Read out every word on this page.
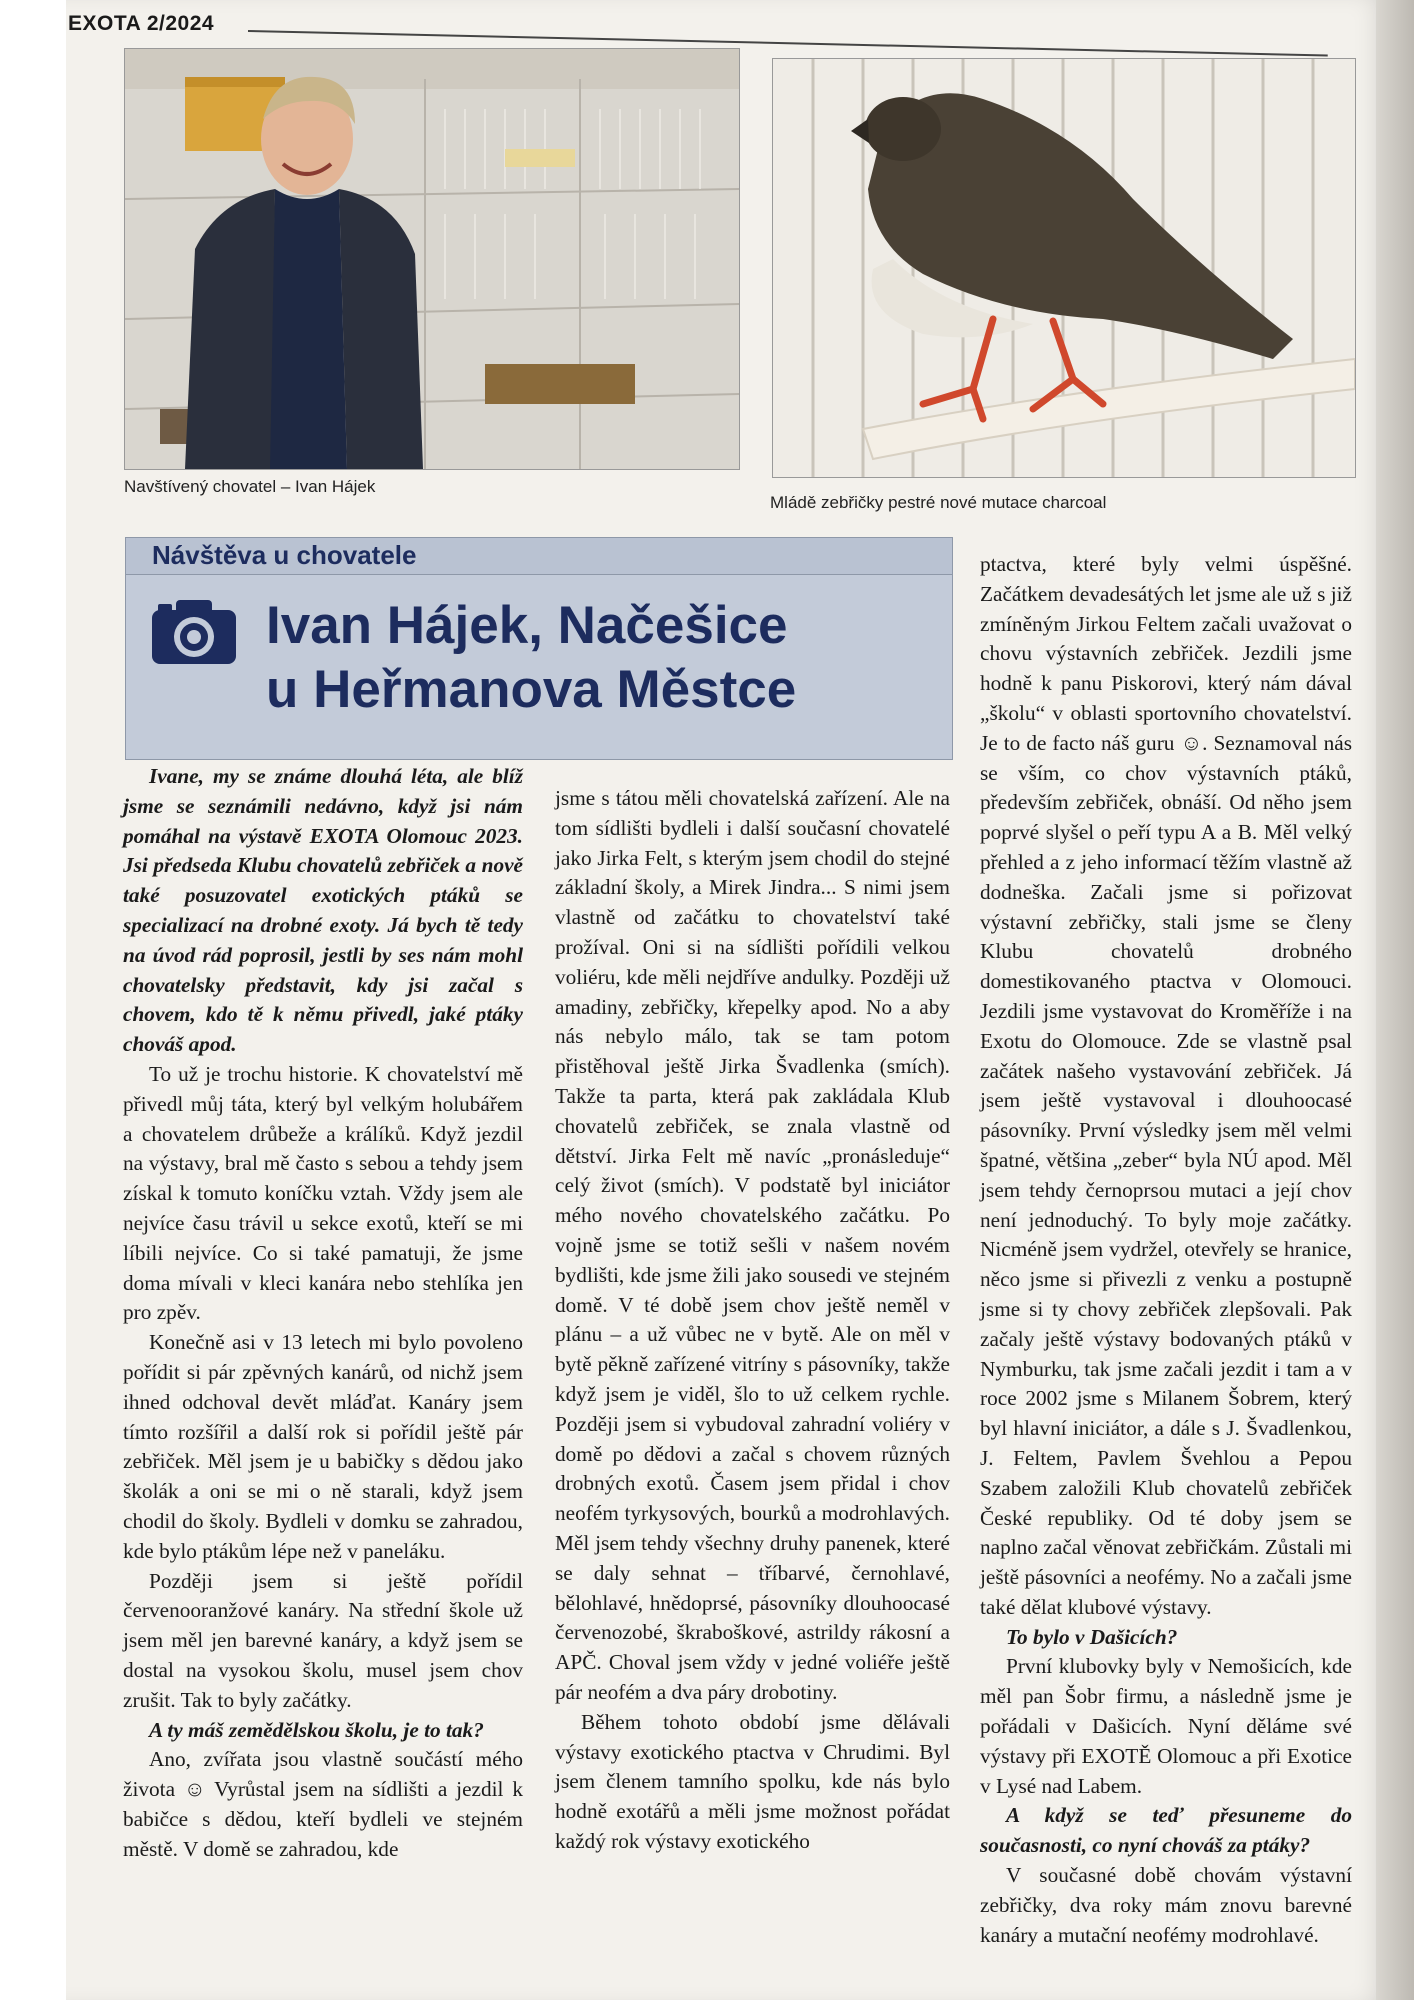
EXOTA 2/2024
Navštívený chovatel – Ivan Hájek
Mládě zebřičky pestré nové mutace charcoal
Návštěva u chovatele
Ivan Hájek, Načešice
u Heřmanova Městce

Ivane, my se známe dlouhá léta, ale blíž jsme se seznámili nedávno, když jsi nám pomáhal na výstavě EXOTA Olomouc 2023. Jsi předseda Klubu chovatelů zebřiček a nově také posuzovatel exotických ptáků se specializací na drobné exoty. Já bych tě tedy na úvod rád poprosil, jestli by ses nám mohl chovatelsky představit, kdy jsi začal s chovem, kdo tě k němu přivedl, jaké ptáky chováš apod.

To už je trochu historie. K chovatelství mě přivedl můj táta, který byl velkým holubářem a chovatelem drůbeže a králíků. Když jezdil na výstavy, bral mě často s sebou a tehdy jsem získal k tomuto koníčku vztah. Vždy jsem ale nejvíce času trávil u sekce exotů, kteří se mi líbili nejvíce. Co si také pamatuji, že jsme doma mívali v kleci kanára nebo stehlíka jen pro zpěv.

Konečně asi v 13 letech mi bylo povoleno pořídit si pár zpěvných kanárů, od nichž jsem ihned odchoval devět mláďat. Kanáry jsem tímto rozšířil a další rok si pořídil ještě pár zebřiček. Měl jsem je u babičky s dědou jako školák a oni se mi o ně starali, když jsem chodil do školy. Bydleli v domku se zahradou, kde bylo ptákům lépe než v paneláku.

Později jsem si ještě pořídil červenooranžové kanáry. Na střední škole už jsem měl jen barevné kanáry, a když jsem se dostal na vysokou školu, musel jsem chov zrušit. Tak to byly začátky.

A ty máš zemědělskou školu, je to tak?

Ano, zvířata jsou vlastně součástí mého života ☺ Vyrůstal jsem na sídlišti a jezdil k babičce s dědou, kteří bydleli ve stejném městě. V domě se zahradou, kde

jsme s tátou měli chovatelská zařízení. Ale na tom sídlišti bydleli i další současní chovatelé jako Jirka Felt, s kterým jsem chodil do stejné základní školy, a Mirek Jindra... S nimi jsem vlastně od začátku to chovatelství také prožíval. Oni si na sídlišti pořídili velkou voliéru, kde měli nejdříve andulky. Později už amadiny, zebřičky, křepelky apod. No a aby nás nebylo málo, tak se tam potom přistěhoval ještě Jirka Švadlenka (smích). Takže ta parta, která pak zakládala Klub chovatelů zebřiček, se znala vlastně od dětství. Jirka Felt mě navíc „pronásleduje“ celý život (smích). V podstatě byl iniciátor mého nového chovatelského začátku. Po vojně jsme se totiž sešli v našem novém bydlišti, kde jsme žili jako sousedi ve stejném domě. V té době jsem chov ještě neměl v plánu – a už vůbec ne v bytě. Ale on měl v bytě pěkně zařízené vitríny s pásovníky, takže když jsem je viděl, šlo to už celkem rychle. Později jsem si vybudoval zahradní voliéry v domě po dědovi a začal s chovem různých drobných exotů. Časem jsem přidal i chov neofém tyrkysových, bourků a modrohlavých. Měl jsem tehdy všechny druhy panenek, které se daly sehnat – tříbarvé, černohlavé, bělohlavé, hnědoprsé, pásovníky dlouhoocasé červenozobé, škraboškové, astrildy rákosní a APČ. Choval jsem vždy v jedné voliéře ještě pár neofém a dva páry drobotiny.

Během tohoto období jsme dělávali výstavy exotického ptactva v Chrudimi. Byl jsem členem tamního spolku, kde nás bylo hodně exotářů a měli jsme možnost pořádat každý rok výstavy exotického

ptactva, které byly velmi úspěšné. Začátkem devadesátých let jsme ale už s již zmíněným Jirkou Feltem začali uvažovat o chovu výstavních zebřiček. Jezdili jsme hodně k panu Piskorovi, který nám dával „školu“ v oblasti sportovního chovatelství. Je to de facto náš guru ☺. Seznamoval nás se vším, co chov výstavních ptáků, především zebřiček, obnáší. Od něho jsem poprvé slyšel o peří typu A a B. Měl velký přehled a z jeho informací těžím vlastně až dodneška. Začali jsme si pořizovat výstavní zebřičky, stali jsme se členy Klubu chovatelů drobného domestikovaného ptactva v Olomouci. Jezdili jsme vystavovat do Kroměříže i na Exotu do Olomouce. Zde se vlastně psal začátek našeho vystavování zebřiček. Já jsem ještě vystavoval i dlouhoocasé pásovníky. První výsledky jsem měl velmi špatné, většina „zeber“ byla NÚ apod. Měl jsem tehdy černoprsou mutaci a její chov není jednoduchý. To byly moje začátky. Nicméně jsem vydržel, otevřely se hranice, něco jsme si přivezli z venku a postupně jsme si ty chovy zebřiček zlepšovali. Pak začaly ještě výstavy bodovaných ptáků v Nymburku, tak jsme začali jezdit i tam a v roce 2002 jsme s Milanem Šobrem, který byl hlavní iniciátor, a dále s J. Švadlenkou, J. Feltem, Pavlem Švehlou a Pepou Szabem založili Klub chovatelů zebřiček České republiky. Od té doby jsem se naplno začal věnovat zebřičkám. Zůstali mi ještě pásovníci a neofémy. No a začali jsme také dělat klubové výstavy.

To bylo v Dašicích?

První klubovky byly v Nemošicích, kde měl pan Šobr firmu, a následně jsme je pořádali v Dašicích. Nyní děláme své výstavy při EXOTĚ Olomouc a při Exotice v Lysé nad Labem.

A když se teď přesuneme do současnosti, co nyní chováš za ptáky?

V současné době chovám výstavní zebřičky, dva roky mám znovu barevné kanáry a mutační neofémy modrohlavé.
